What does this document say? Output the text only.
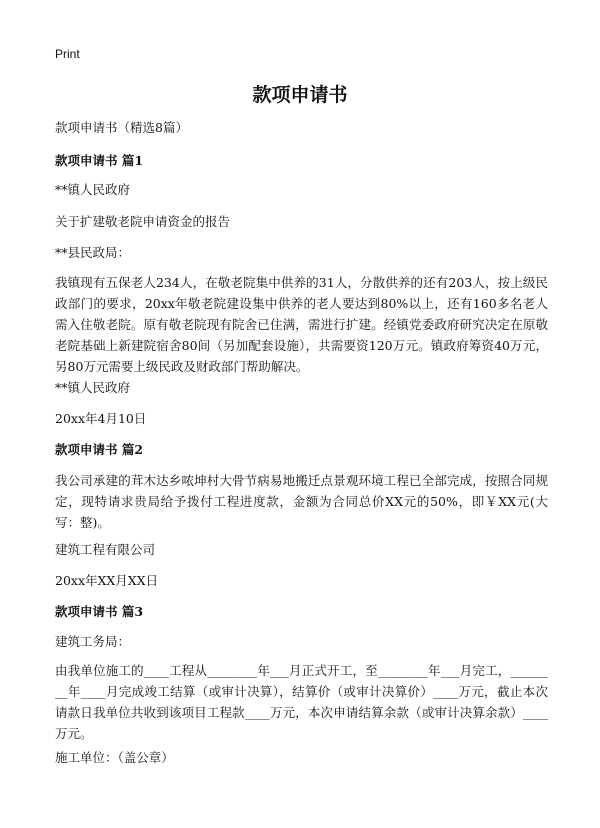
Print
款项申请书
款项申请书（精选8篇）
款项申请书 篇1
**镇人民政府
关于扩建敬老院申请资金的报告
**县民政局：
我镇现有五保老人234人，在敬老院集中供养的31人，分散供养的还有203人，按上级民政部门的要求，20xx年敬老院建设集中供养的老人要达到80%以上，还有160多名老人需入住敬老院。原有敬老院现有院舍已住满，需进行扩建。经镇党委政府研究决定在原敬老院基础上新建院宿舍80间（另加配套设施），共需要资120万元。镇政府筹资40万元，另80万元需要上级民政及财政部门帮助解决。
**镇人民政府
20xx年4月10日
款项申请书 篇2
我公司承建的茸木达乡哝坤村大骨节病易地搬迁点景观环境工程已全部完成，按照合同规定，现特请求贵局给予拨付工程进度款，金额为合同总价XX元的50%，即￥XX元(大写：整)。
建筑工程有限公司
20xx年XX月XX日
款项申请书 篇3
建筑工务局：
由我单位施工的____工程从________年___月正式开工，至________年___月完工，________年____月完成竣工结算（或审计决算），结算价（或审计决算价）____万元，截止本次请款日我单位共收到该项目工程款____万元，本次申请结算余款（或审计决算余款）____万元。
施工单位：（盖公章）
